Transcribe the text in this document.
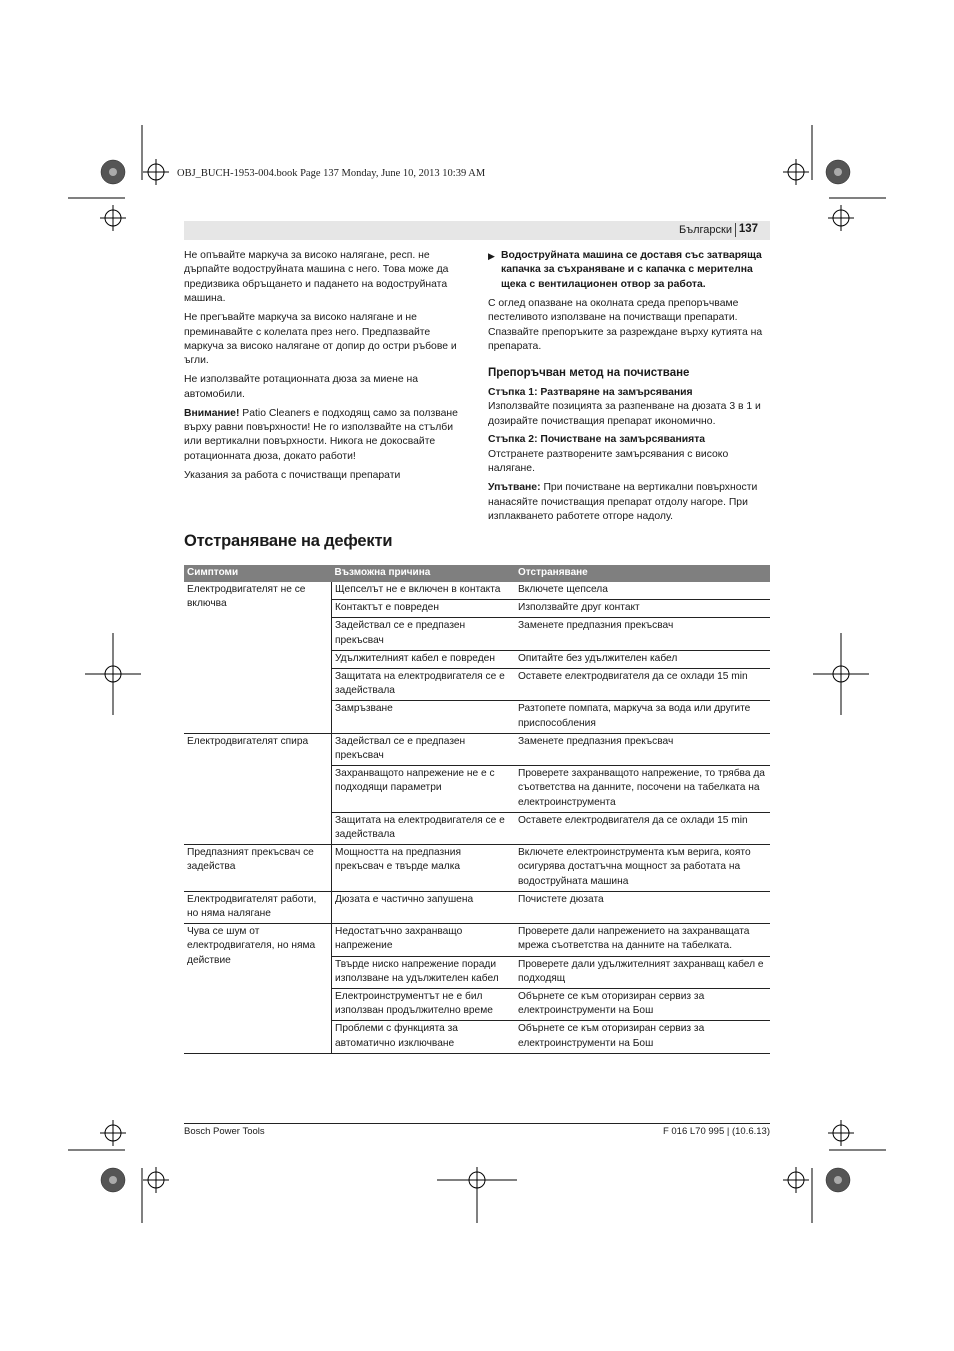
OBJ_BUCH-1953-004.book Page 137 Monday, June 10, 2013 10:39 AM
Български 137

Не опъвайте маркуча за високо налягане, респ. не дърпайте водоструйната машина с него. Това може да предизвика обръщането и падането на водоструйната машина.

Не прегъвайте маркуча за високо налягане и не преминавайте с колелата през него. Предпазвайте маркуча за високо налягане от допир до остри ръбове и ъгли.

Не използвайте ротационната дюза за миене на автомобили.

Внимание! Patio Cleaners е подходящ само за ползване върху равни повърхности! Не го използвайте на стълби или вертикални повърхности. Никога не докосвайте ротационната дюза, докато работи!

Указания за работа с почистващи препарати

▶ Водоструйната машина се доставя със затваряща капачка за съхраняване и с капачка с мерителна щека с вентилационен отвор за работа.

С оглед опазване на околната среда препоръчваме пестеливото използване на почистващи препарати. Спазвайте препоръките за разреждане върху кутията на препарата.

Препоръчван метод на почистване

Стъпка 1: Разтваряне на замърсявания
Използвайте позицията за разпенване на дюзата 3 в 1 и дозирайте почистващия препарат икономично.

Стъпка 2: Почистване на замърсяванията
Отстранете разтворените замърсявания с високо налягане.

Упътване: При почистване на вертикални повърхности нанасяйте почистващия препарат отдолу нагоре. При изплакването работете отгоре надолу.

Отстраняване на дефекти
Симптоми	Възможна причина	Отстраняване
Електродвигателят не се включва	Щепселът не е включен в контакта	Включете щепсела
	Контактът е повреден	Използвайте друг контакт
	Задействал се е предпазен прекъсвач	Заменете предпазния прекъсвач
	Удължителният кабел е повреден	Опитайте без удължителен кабел
	Защитата на електродвигателя се е задействала	Оставете електродвигателя да се охлади 15 min
	Замръзване	Разтопете помпата, маркуча за вода или другите приспособления
Електродвигателят спира	Задействал се е предпазен прекъсвач	Заменете предпазния прекъсвач
	Захранващото напрежение не е с подходящи параметри	Проверете захранващото напрежение, то трябва да съответства на данните, посочени на табелката на електроинструмента
	Защитата на електродвигателя се е задействала	Оставете електродвигателя да се охлади 15 min
Предпазният прекъсвач се задейства	Мощността на предпазния прекъсвач е твърде малка	Включете електроинструмента към верига, която осигурява достатъчна мощност за работата на водоструйната машина
Електродвигателят работи, но няма налягане	Дюзата е частично запушена	Почистете дюзата
Чува се шум от електродвигателя, но няма действие	Недостатъчно захранващо напрежение	Проверете дали напрежението на захранващата мрежа съответства на данните на табелката.
	Твърде ниско напрежение поради използване на удължителен кабел	Проверете дали удължителният захранващ кабел е подходящ
	Електроинструментът не е бил използван продължително време	Обърнете се към оторизиран сервиз за електроинструменти на Бош
	Проблеми с функцията за автоматично изключване	Обърнете се към оторизиран сервиз за електроинструменти на Бош
Bosch Power Tools	F 016 L70 995 | (10.6.13)
